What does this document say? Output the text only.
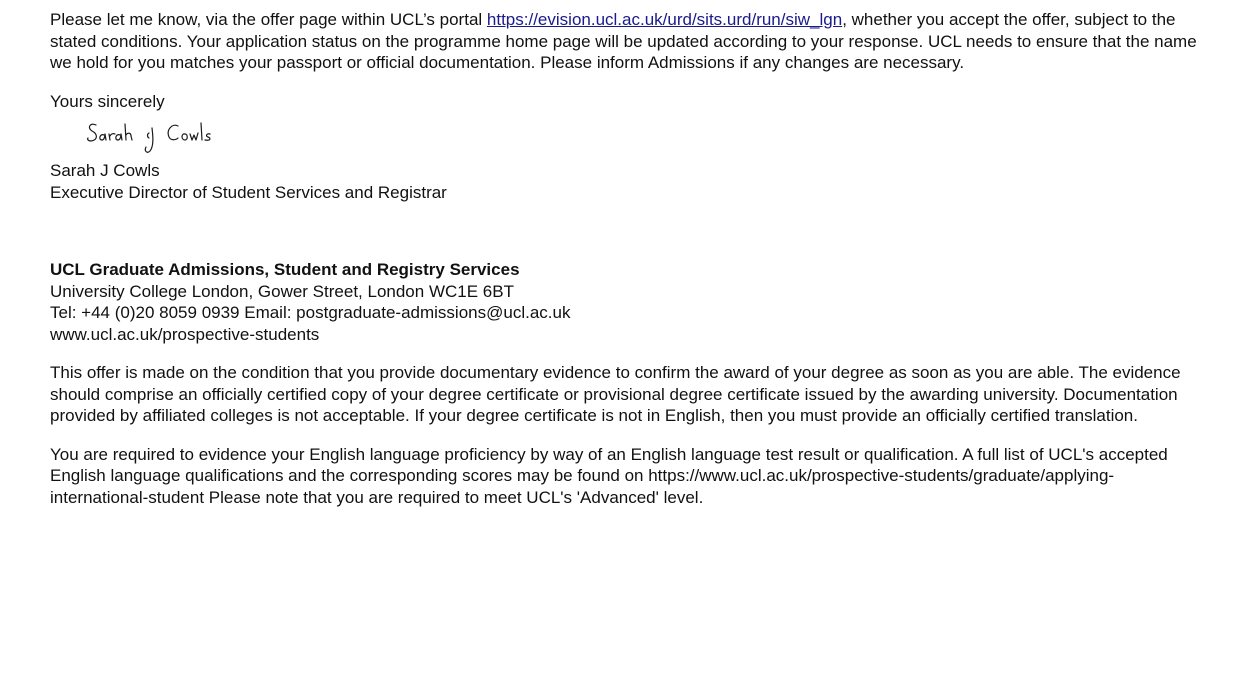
Please let me know, via the offer page within UCL’s portal https://evision.ucl.ac.uk/urd/sits.urd/run/siw_lgn, whether you accept the offer, subject to the stated conditions. Your application status on the programme home page will be updated according to your response. UCL needs to ensure that the name we hold for you matches your passport or official documentation. Please inform Admissions if any changes are necessary.

Yours sincerely

Sarah J Cowls
Executive Director of Student Services and Registrar
UCL Graduate Admissions, Student and Registry Services
University College London, Gower Street, London WC1E 6BT
Tel: +44 (0)20 8059 0939 Email: postgraduate-admissions@ucl.ac.uk
www.ucl.ac.uk/prospective-students

This offer is made on the condition that you provide documentary evidence to confirm the award of your degree as soon as you are able. The evidence should comprise an officially certified copy of your degree certificate or provisional degree certificate issued by the awarding university. Documentation provided by affiliated colleges is not acceptable. If your degree certificate is not in English, then you must provide an officially certified translation.

You are required to evidence your English language proficiency by way of an English language test result or qualification. A full list of UCL's accepted English language qualifications and the corresponding scores may be found on https://www.ucl.ac.uk/prospective-students/graduate/applying-international-student Please note that you are required to meet UCL's 'Advanced' level.
